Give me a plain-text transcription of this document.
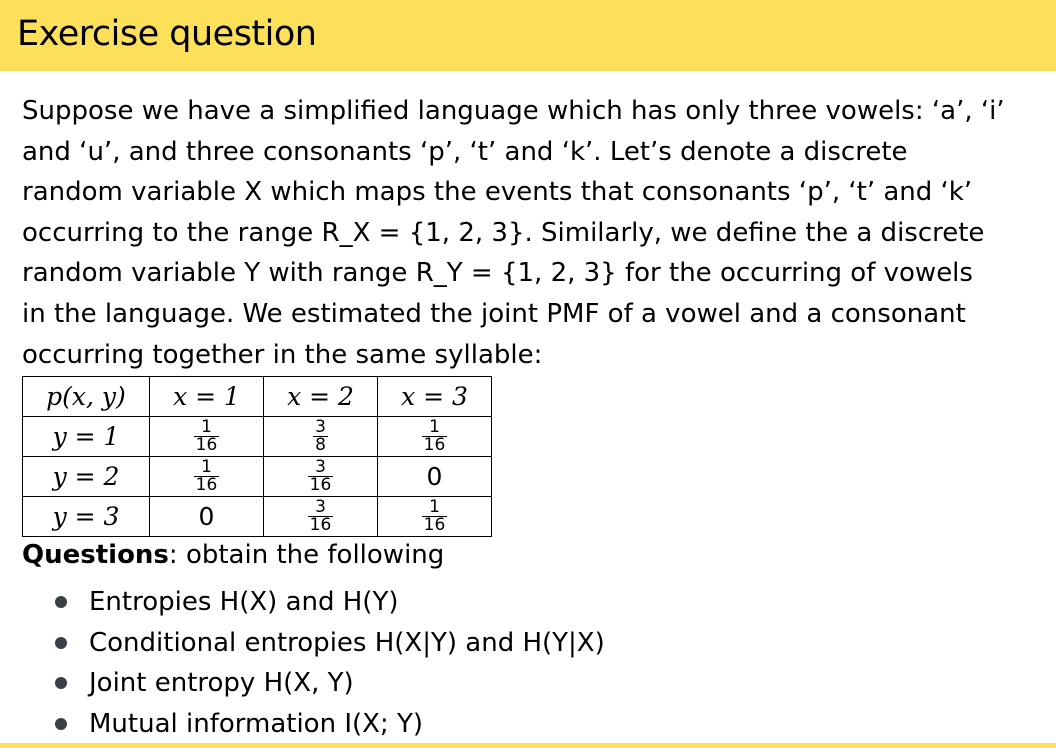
Exercise question

Suppose we have a simplified language which has only three vowels: ‘a’, ‘i’

and ‘u’, and three consonants ‘p’, ‘t’ and ‘k’. Let’s denote a discrete

random variable X which maps the events that consonants ‘p’, ‘t’ and ‘k’

occurring to the range R_X = {1, 2, 3}. Similarly, we define the a discrete

random variable Y with range R_Y = {1, 2, 3} for the occurring of vowels

in the language. We estimated the joint PMF of a vowel and a consonant

occurring together in the same syllable:

p(x, y)	x = 1	x = 2	x = 3
y = 1	$\frac{1}{16}$	$\frac{3}{8}$	$\frac{1}{16}$

y = 2	$\frac{1}{16}$	$\frac{3}{16}$	0
y = 3	0	$\frac{3}{16}$	$\frac{1}{16}$
Questions: obtain the following
Entropies H(X) and H(Y)
Conditional entropies H(X|Y) and H(Y|X)
Joint entropy H(X, Y)
Mutual information I(X; Y)
